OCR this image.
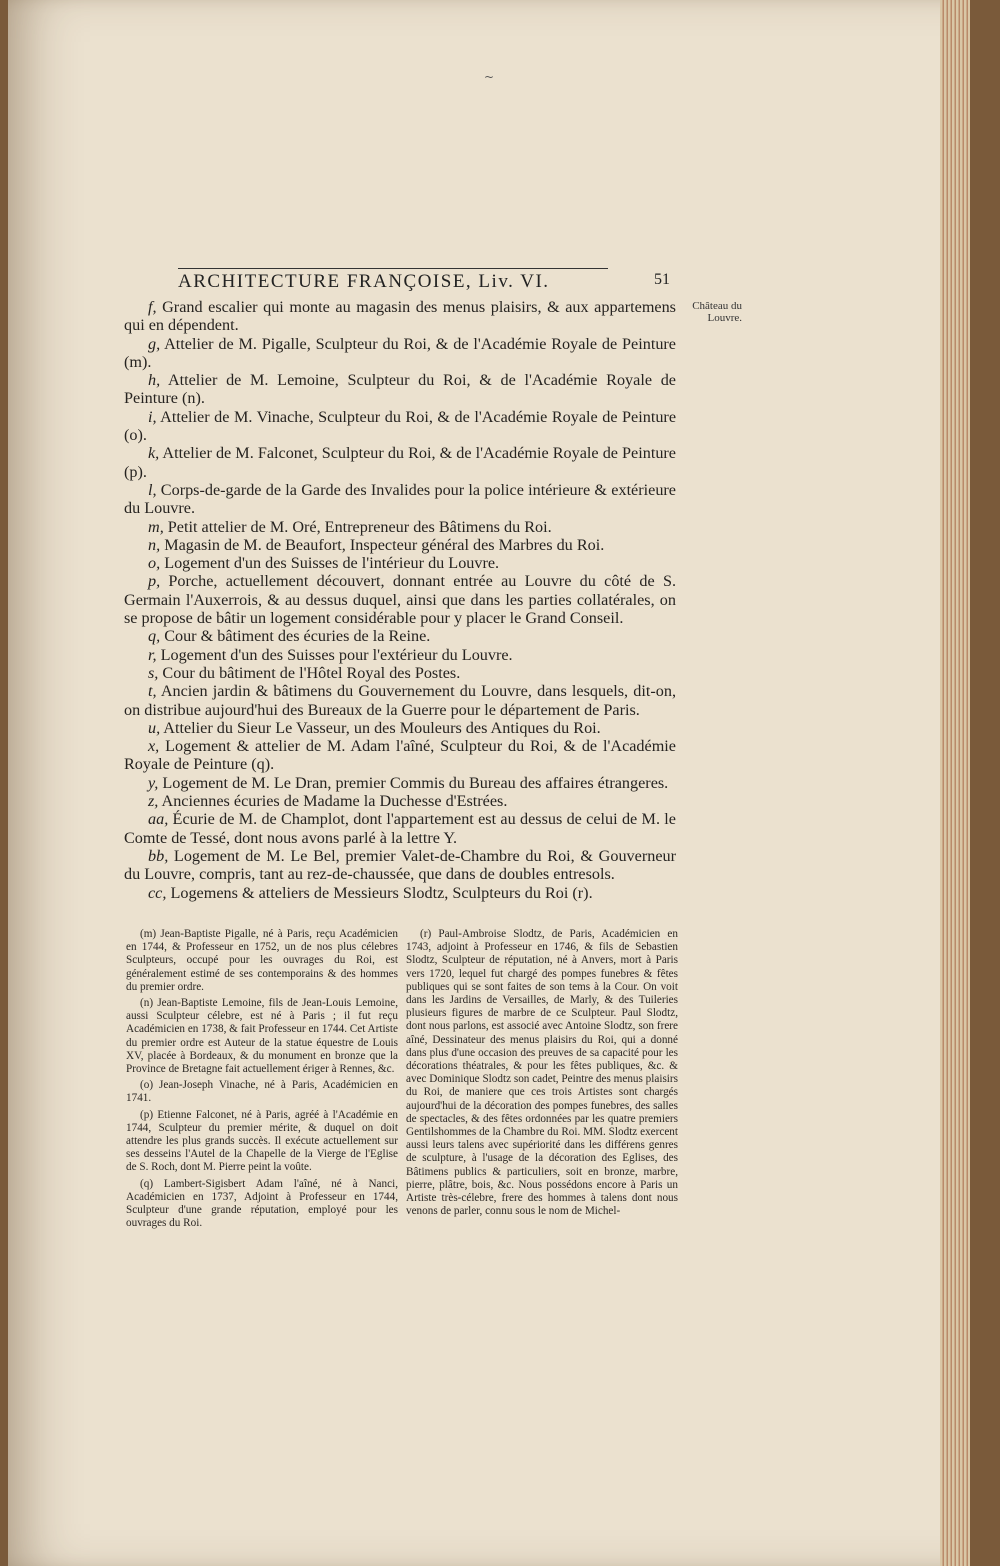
ARCHITECTURE FRANÇOISE, Liv. VI.	51
Château du Louvre.

f, Grand escalier qui monte au magasin des menus plaisirs, & aux appartemens qui en dépendent.

g, Attelier de M. Pigalle, Sculpteur du Roi, & de l'Académie Royale de Peinture (m).

h, Attelier de M. Lemoine, Sculpteur du Roi, & de l'Académie Royale de Peinture (n).

i, Attelier de M. Vinache, Sculpteur du Roi, & de l'Académie Royale de Peinture (o).

k, Attelier de M. Falconet, Sculpteur du Roi, & de l'Académie Royale de Peinture (p).

l, Corps-de-garde de la Garde des Invalides pour la police intérieure & extérieure du Louvre.

m, Petit attelier de M. Oré, Entrepreneur des Bâtimens du Roi.

n, Magasin de M. de Beaufort, Inspecteur général des Marbres du Roi.

o, Logement d'un des Suisses de l'intérieur du Louvre.

p, Porche, actuellement découvert, donnant entrée au Louvre du côté de S. Germain l'Auxerrois, & au dessus duquel, ainsi que dans les parties collatérales, on se propose de bâtir un logement considérable pour y placer le Grand Conseil.

q, Cour & bâtiment des écuries de la Reine.

r, Logement d'un des Suisses pour l'extérieur du Louvre.

s, Cour du bâtiment de l'Hôtel Royal des Postes.

t, Ancien jardin & bâtimens du Gouvernement du Louvre, dans lesquels, dit-on, on distribue aujourd'hui des Bureaux de la Guerre pour le département de Paris.

u, Attelier du Sieur Le Vasseur, un des Mouleurs des Antiques du Roi.

x, Logement & attelier de M. Adam l'aîné, Sculpteur du Roi, & de l'Académie Royale de Peinture (q).

y, Logement de M. Le Dran, premier Commis du Bureau des affaires étrangeres.

z, Anciennes écuries de Madame la Duchesse d'Estrées.

aa, Écurie de M. de Champlot, dont l'appartement est au dessus de celui de M. le Comte de Tessé, dont nous avons parlé à la lettre Y.

bb, Logement de M. Le Bel, premier Valet-de-Chambre du Roi, & Gouverneur du Louvre, compris, tant au rez-de-chaussée, que dans de doubles entresols.

cc, Logemens & atteliers de Messieurs Slodtz, Sculpteurs du Roi (r).

(m) Jean-Baptiste Pigalle, né à Paris, reçu Académicien en 1744, & Professeur en 1752, un de nos plus célebres Sculpteurs, occupé pour les ouvrages du Roi, est généralement estimé de ses contemporains & des hommes du premier ordre.

(n) Jean-Baptiste Lemoine, fils de Jean-Louis Lemoine, aussi Sculpteur célebre, est né à Paris ; il fut reçu Académicien en 1738, & fait Professeur en 1744. Cet Artiste du premier ordre est Auteur de la statue équestre de Louis XV, placée à Bordeaux, & du monument en bronze que la Province de Bretagne fait actuellement ériger à Rennes, &c.

(o) Jean-Joseph Vinache, né à Paris, Académicien en 1741.

(p) Etienne Falconet, né à Paris, agréé à l'Académie en 1744, Sculpteur du premier mérite, & duquel on doit attendre les plus grands succès. Il exécute actuellement sur ses desseins l'Autel de la Chapelle de la Vierge de l'Eglise de S. Roch, dont M. Pierre peint la voûte.

(q) Lambert-Sigisbert Adam l'aîné, né à Nanci, Académicien en 1737, Adjoint à Professeur en 1744, Sculpteur d'une grande réputation, employé pour les ouvrages du Roi.

(r) Paul-Ambroise Slodtz, de Paris, Académicien en 1743, adjoint à Professeur en 1746, & fils de Sebastien Slodtz, Sculpteur de réputation, né à Anvers, mort à Paris vers 1720, lequel fut chargé des pompes funebres & fêtes publiques qui se sont faites de son tems à la Cour. On voit dans les Jardins de Versailles, de Marly, & des Tuileries plusieurs figures de marbre de ce Sculpteur. Paul Slodtz, dont nous parlons, est associé avec Antoine Slodtz, son frere aîné, Dessinateur des menus plaisirs du Roi, qui a donné dans plus d'une occasion des preuves de sa capacité pour les décorations théatrales, & pour les fêtes publiques, &c. & avec Dominique Slodtz son cadet, Peintre des menus plaisirs du Roi, de maniere que ces trois Artistes sont chargés aujourd'hui de la décoration des pompes funebres, des salles de spectacles, & des fêtes ordonnées par les quatre premiers Gentilshommes de la Chambre du Roi. MM. Slodtz exercent aussi leurs talens avec supériorité dans les différens genres de sculpture, à l'usage de la décoration des Eglises, des Bâtimens publics & particuliers, soit en bronze, marbre, pierre, plâtre, bois, &c. Nous possédons encore à Paris un Artiste très-célebre, frere des hommes à talens dont nous venons de parler, connu sous le nom de Michel-

~
